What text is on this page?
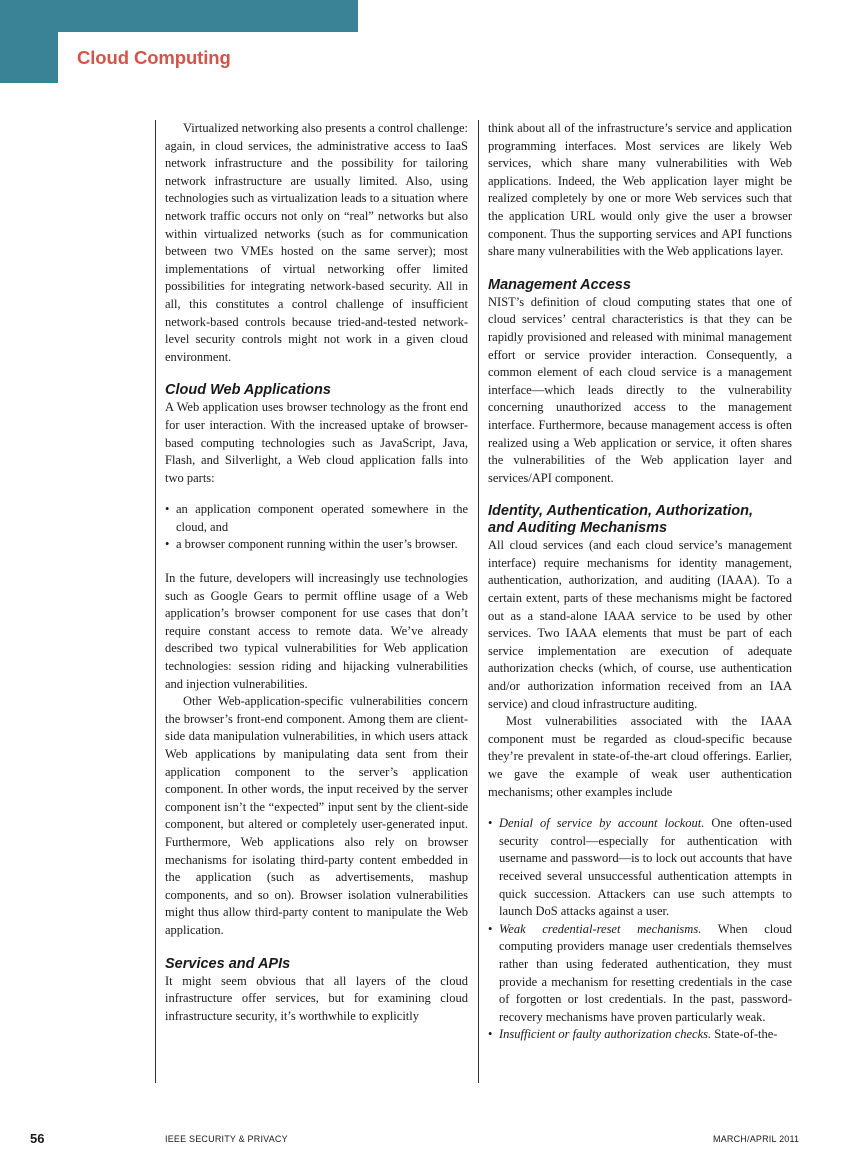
Cloud Computing

Virtualized networking also presents a control challenge: again, in cloud services, the administrative access to IaaS network infrastructure and the possibility for tailoring network infrastructure are usually limited. Also, using technologies such as virtualization leads to a situation where network traffic occurs not only on “real” networks but also within virtualized networks (such as for communication between two VMEs hosted on the same server); most implementations of virtual networking offer limited possibilities for integrating network-based security. All in all, this constitutes a control challenge of insufficient network-based controls because tried-and-tested network-level security controls might not work in a given cloud environment.

Cloud Web Applications

A Web application uses browser technology as the front end for user interaction. With the increased uptake of browser-based computing technologies such as JavaScript, Java, Flash, and Silverlight, a Web cloud application falls into two parts:

• an application component operated somewhere in the cloud, and
• a browser component running within the user’s browser.

In the future, developers will increasingly use technologies such as Google Gears to permit offline usage of a Web application’s browser component for use cases that don’t require constant access to remote data. We’ve already described two typical vulnerabilities for Web application technologies: session riding and hijacking vulnerabilities and injection vulnerabilities.

Other Web-application-specific vulnerabilities concern the browser’s front-end component. Among them are client-side data manipulation vulnerabilities, in which users attack Web applications by manipulating data sent from their application component to the server’s application component. In other words, the input received by the server component isn’t the “expected” input sent by the client-side component, but altered or completely user-generated input. Furthermore, Web applications also rely on browser mechanisms for isolating third-party content embedded in the application (such as advertisements, mashup components, and so on). Browser isolation vulnerabilities might thus allow third-party content to manipulate the Web application.

Services and APIs

It might seem obvious that all layers of the cloud infrastructure offer services, but for examining cloud infrastructure security, it’s worthwhile to explicitly

think about all of the infrastructure’s service and application programming interfaces. Most services are likely Web services, which share many vulnerabilities with Web applications. Indeed, the Web application layer might be realized completely by one or more Web services such that the application URL would only give the user a browser component. Thus the supporting services and API functions share many vulnerabilities with the Web applications layer.

Management Access

NIST’s definition of cloud computing states that one of cloud services’ central characteristics is that they can be rapidly provisioned and released with minimal management effort or service provider interaction. Consequently, a common element of each cloud service is a management interface—which leads directly to the vulnerability concerning unauthorized access to the management interface. Furthermore, because management access is often realized using a Web application or service, it often shares the vulnerabilities of the Web application layer and services/API component.

Identity, Authentication, Authorization,
and Auditing Mechanisms

All cloud services (and each cloud service’s management interface) require mechanisms for identity management, authentication, authorization, and auditing (IAAA). To a certain extent, parts of these mechanisms might be factored out as a stand-alone IAAA service to be used by other services. Two IAAA elements that must be part of each service implementation are execution of adequate authorization checks (which, of course, use authentication and/or authorization information received from an IAA service) and cloud infrastructure auditing.

Most vulnerabilities associated with the IAAA component must be regarded as cloud-specific because they’re prevalent in state-of-the-art cloud offerings. Earlier, we gave the example of weak user authentication mechanisms; other examples include

• Denial of service by account lockout. One often-used security control—especially for authentication with username and password—is to lock out accounts that have received several unsuccessful authentication attempts in quick succession. Attackers can use such attempts to launch DoS attacks against a user.
• Weak credential-reset mechanisms. When cloud computing providers manage user credentials themselves rather than using federated authentication, they must provide a mechanism for resetting credentials in the case of forgotten or lost credentials. In the past, password-recovery mechanisms have proven particularly weak.
• Insufficient or faulty authorization checks. State-of-the-

56	IEEE SECURITY & PRIVACY	MARCH/APRIL 2011
